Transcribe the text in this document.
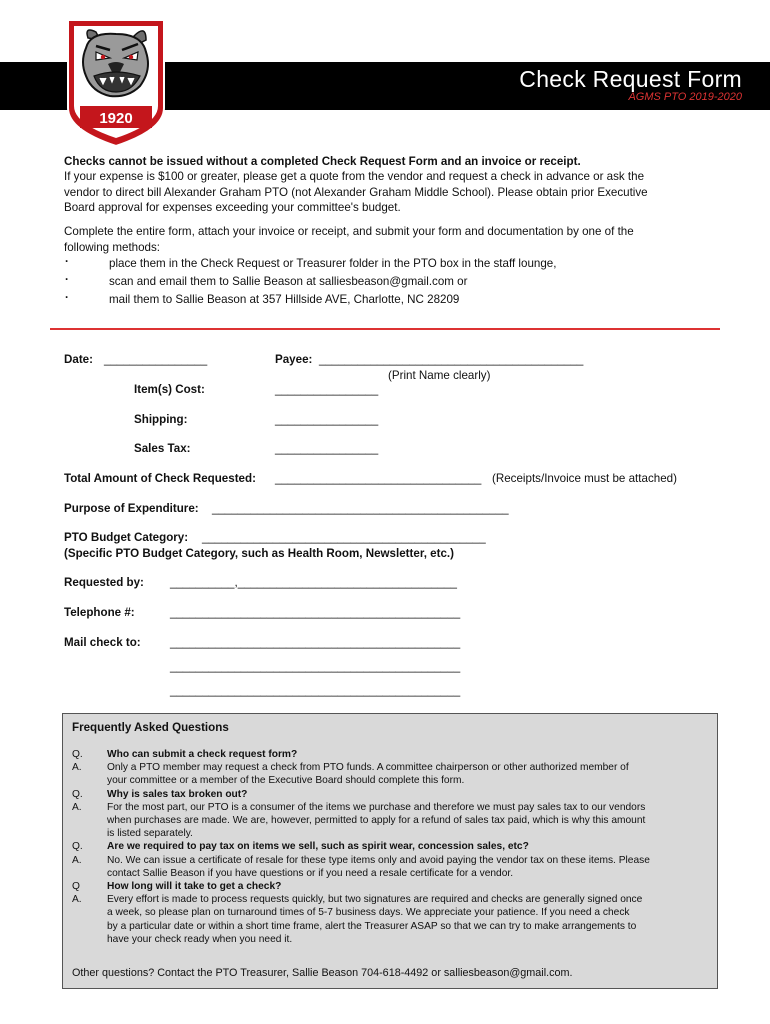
Check Request Form
AGMS PTO 2019-2020
1920
Checks cannot be issued without a completed Check Request Form and an invoice or receipt.
If your expense is $100 or greater, please get a quote from the vendor and request a check in advance or ask the
vendor to direct bill Alexander Graham PTO (not Alexander Graham Middle School). Please obtain prior Executive
Board approval for expenses exceeding your committee's budget.
Complete the entire form, attach your invoice or receipt, and submit your form and documentation by one of the
following methods:
·	place them in the Check Request or Treasurer folder in the PTO box in the staff lounge,
·	scan and email them to Sallie Beason at salliesbeason@gmail.com or
·	mail them to Sallie Beason at 357 Hillside AVE, Charlotte, NC 28209
Date: ________________	Payee: _________________________________________
(Print Name clearly)
Item(s) Cost:	________________
Shipping:	________________
Sales Tax:	________________
Total Amount of Check Requested: ________________________________ (Receipts/Invoice must be attached)
Purpose of Expenditure: ______________________________________________
PTO Budget Category: ____________________________________________
(Specific PTO Budget Category, such as Health Room, Newsletter, etc.)
Requested by: __________,__________________________________
Telephone #:	_____________________________________________
Mail check to:	_____________________________________________
_____________________________________________
_____________________________________________
Frequently Asked Questions
Q. Who can submit a check request form?
A. Only a PTO member may request a check from PTO funds. A committee chairperson or other authorized member of
your committee or a member of the Executive Board should complete this form.
Q. Why is sales tax broken out?
A. For the most part, our PTO is a consumer of the items we purchase and therefore we must pay sales tax to our vendors
when purchases are made. We are, however, permitted to apply for a refund of sales tax paid, which is why this amount
is listed separately.
Q. Are we required to pay tax on items we sell, such as spirit wear, concession sales, etc?
A. No. We can issue a certificate of resale for these type items only and avoid paying the vendor tax on these items. Please
contact Sallie Beason if you have questions or if you need a resale certificate for a vendor.
Q	How long will it take to get a check?
A. Every effort is made to process requests quickly, but two signatures are required and checks are generally signed once
a week, so please plan on turnaround times of 5-7 business days. We appreciate your patience. If you need a check
by a particular date or within a short time frame, alert the Treasurer ASAP so that we can try to make arrangements to
have your check ready when you need it.
Other questions? Contact the PTO Treasurer, Sallie Beason 704-618-4492 or salliesbeason@gmail.com.
